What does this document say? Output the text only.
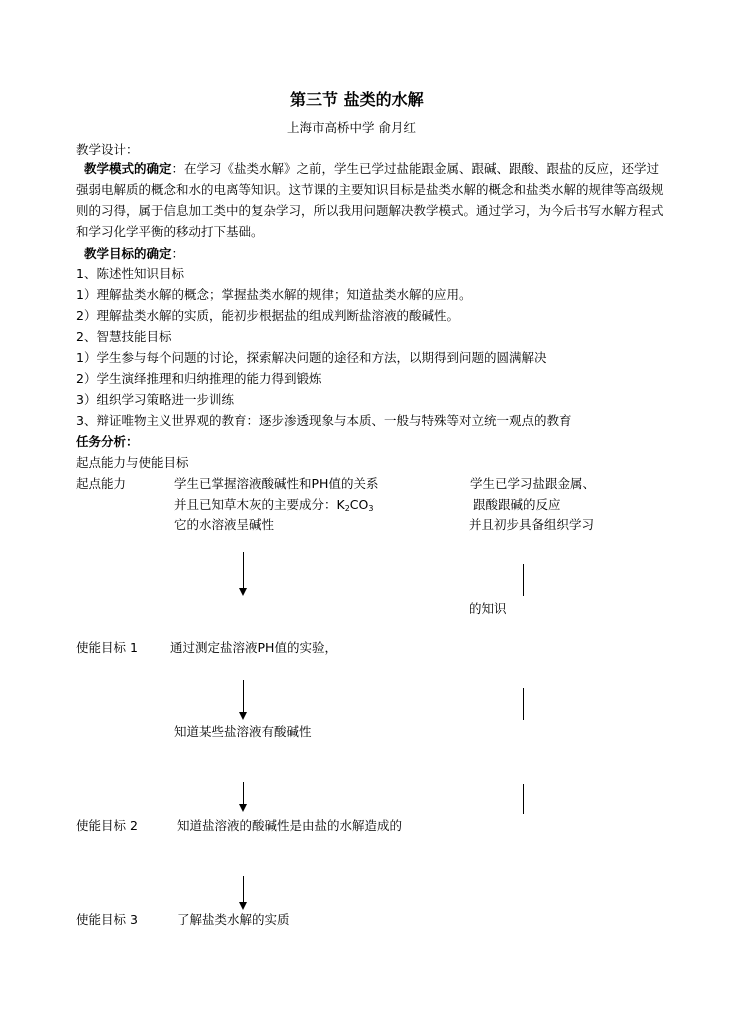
第三节 盐类的水解
上海市高桥中学 俞月红
教学设计：
教学模式的确定：在学习《盐类水解》之前，学生已学过盐能跟金属、跟碱、跟酸、跟盐的反应，还学过强弱电解质的概念和水的电离等知识。这节课的主要知识目标是盐类水解的概念和盐类水解的规律等高级规则的习得，属于信息加工类中的复杂学习，所以我用问题解决教学模式。通过学习，为今后书写水解方程式和学习化学平衡的移动打下基础。
教学目标的确定：
1、陈述性知识目标
1）理解盐类水解的概念；掌握盐类水解的规律；知道盐类水解的应用。
2）理解盐类水解的实质，能初步根据盐的组成判断盐溶液的酸碱性。
2、智慧技能目标
1）学生参与每个问题的讨论，探索解决问题的途径和方法，以期得到问题的圆满解决
2）学生演绎推理和归纳推理的能力得到锻炼
3）组织学习策略进一步训练
3、辩证唯物主义世界观的教育：逐步渗透现象与本质、一般与特殊等对立统一观点的教育
任务分析：
起点能力与使能目标
起点能力	学生已掌握溶液酸碱性和PH值的关系
并且已知草木灰的主要成分：$K_2CO_3$
它的水溶液呈碱性
学生已学习盐跟金属、
跟酸跟碱的反应
并且初步具备组织学习
的知识
使能目标 1	通过测定盐溶液PH值的实验，
知道某些盐溶液有酸碱性
使能目标 2	知道盐溶液的酸碱性是由盐的水解造成的
使能目标 3	了解盐类水解的实质
